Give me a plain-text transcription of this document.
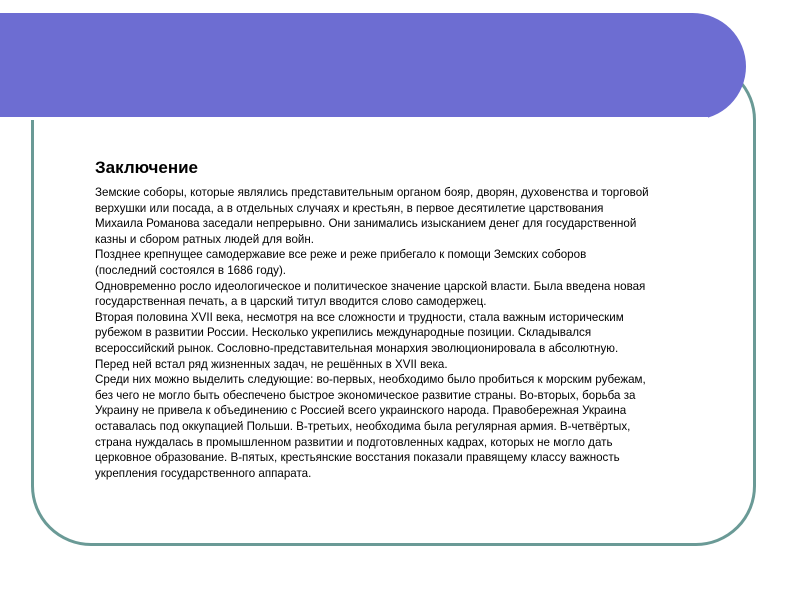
Заключение

Земские соборы, которые являлись представительным органом бояр, дворян, духовенства и торговой
верхушки или посада, а в отдельных случаях и крестьян, в первое десятилетие царствования
Михаила Романова заседали непрерывно. Они занимались изысканием денег для государственной
казны и сбором ратных людей для войн.

Позднее крепнущее самодержавие все реже и реже прибегало к помощи Земских соборов
(последний состоялся в 1686 году).

Одновременно росло идеологическое и политическое значение царской власти. Была введена новая
государственная печать, а в царский титул вводится слово самодержец.

Вторая половина XVII века, несмотря на все сложности и трудности, стала важным историческим
рубежом в развитии России. Несколько укрепились международные позиции. Складывался
всероссийский рынок. Сословно-представительная монархия эволюционировала в абсолютную.
Перед ней встал ряд жизненных задач, не решённых в XVII века.

Среди них можно выделить следующие: во-первых, необходимо было пробиться к морским рубежам,
без чего не могло быть обеспечено быстрое экономическое развитие страны. Во-вторых, борьба за
Украину не привела к объединению с Россией всего украинского народа. Правобережная Украина
оставалась под оккупацией Польши. В-третьих, необходима была регулярная армия. В-четвёртых,
страна нуждалась в промышленном развитии и подготовленных кадрах, которых не могло дать
церковное образование. В-пятых, крестьянские восстания показали правящему классу важность
укрепления государственного аппарата.
